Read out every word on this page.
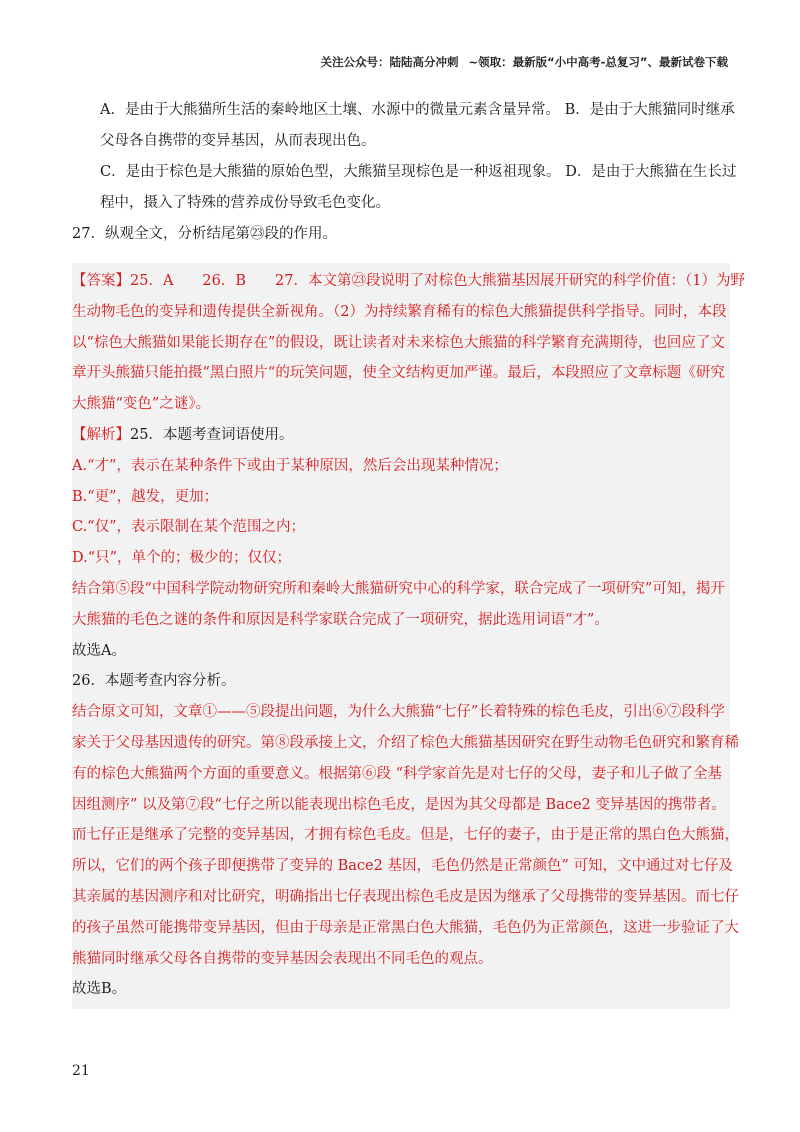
关注公众号：陆陆高分冲刺 ~领取：最新版“小中高考-总复习”、最新试卷下载
A．是由于大熊猫所生活的秦岭地区土壤、水源中的微量元素含量异常。 B．是由于大熊猫同时继承
父母各自携带的变异基因，从而表现出色。
C．是由于棕色是大熊猫的原始色型，大熊猫呈现棕色是一种返祖现象。 D．是由于大熊猫在生长过
程中，摄入了特殊的营养成份导致毛色变化。
27．纵观全文，分析结尾第㉓段的作用。
【答案】25．A　　26．B　　27．本文第㉓段说明了对棕色大熊猫基因展开研究的科学价值：（1）为野
生动物毛色的变异和遗传提供全新视角。（2）为持续繁育稀有的棕色大熊猫提供科学指导。同时，本段
以“棕色大熊猫如果能长期存在”的假设，既让读者对未来棕色大熊猫的科学繁育充满期待，也回应了文
章开头熊猫只能拍摄“黑白照片“的玩笑问题，使全文结构更加严谨。最后，本段照应了文章标题《研究
大熊猫“变色”之谜》。
【解析】25．本题考查词语使用。
A.“才”，表示在某种条件下或由于某种原因，然后会出现某种情况；
B.“更”，越发，更加；
C.“仅”，表示限制在某个范围之内；
D.“只”，单个的；极少的；仅仅；
结合第⑤段“中国科学院动物研究所和秦岭大熊猫研究中心的科学家，联合完成了一项研究”可知，揭开
大熊猫的毛色之谜的条件和原因是科学家联合完成了一项研究，据此选用词语“才”。
故选A。
26．本题考查内容分析。
结合原文可知，文章①——⑤段提出问题，为什么大熊猫“七仔”长着特殊的棕色毛皮，引出⑥⑦段科学
家关于父母基因遗传的研究。第⑧段承接上文，介绍了棕色大熊猫基因研究在野生动物毛色研究和繁育稀
有的棕色大熊猫两个方面的重要意义。根据第⑥段 “科学家首先是对七仔的父母，妻子和儿子做了全基
因组测序” 以及第⑦段“七仔之所以能表现出棕色毛皮，是因为其父母都是 Bace2 变异基因的携带者。
而七仔正是继承了完整的变异基因，才拥有棕色毛皮。但是，七仔的妻子，由于是正常的黑白色大熊猫，
所以，它们的两个孩子即便携带了变异的 Bace2 基因，毛色仍然是正常颜色” 可知，文中通过对七仔及
其亲属的基因测序和对比研究，明确指出七仔表现出棕色毛皮是因为继承了父母携带的变异基因。而七仔
的孩子虽然可能携带变异基因，但由于母亲是正常黑白色大熊猫，毛色仍为正常颜色，这进一步验证了大
熊猫同时继承父母各自携带的变异基因会表现出不同毛色的观点。
故选B。
21
